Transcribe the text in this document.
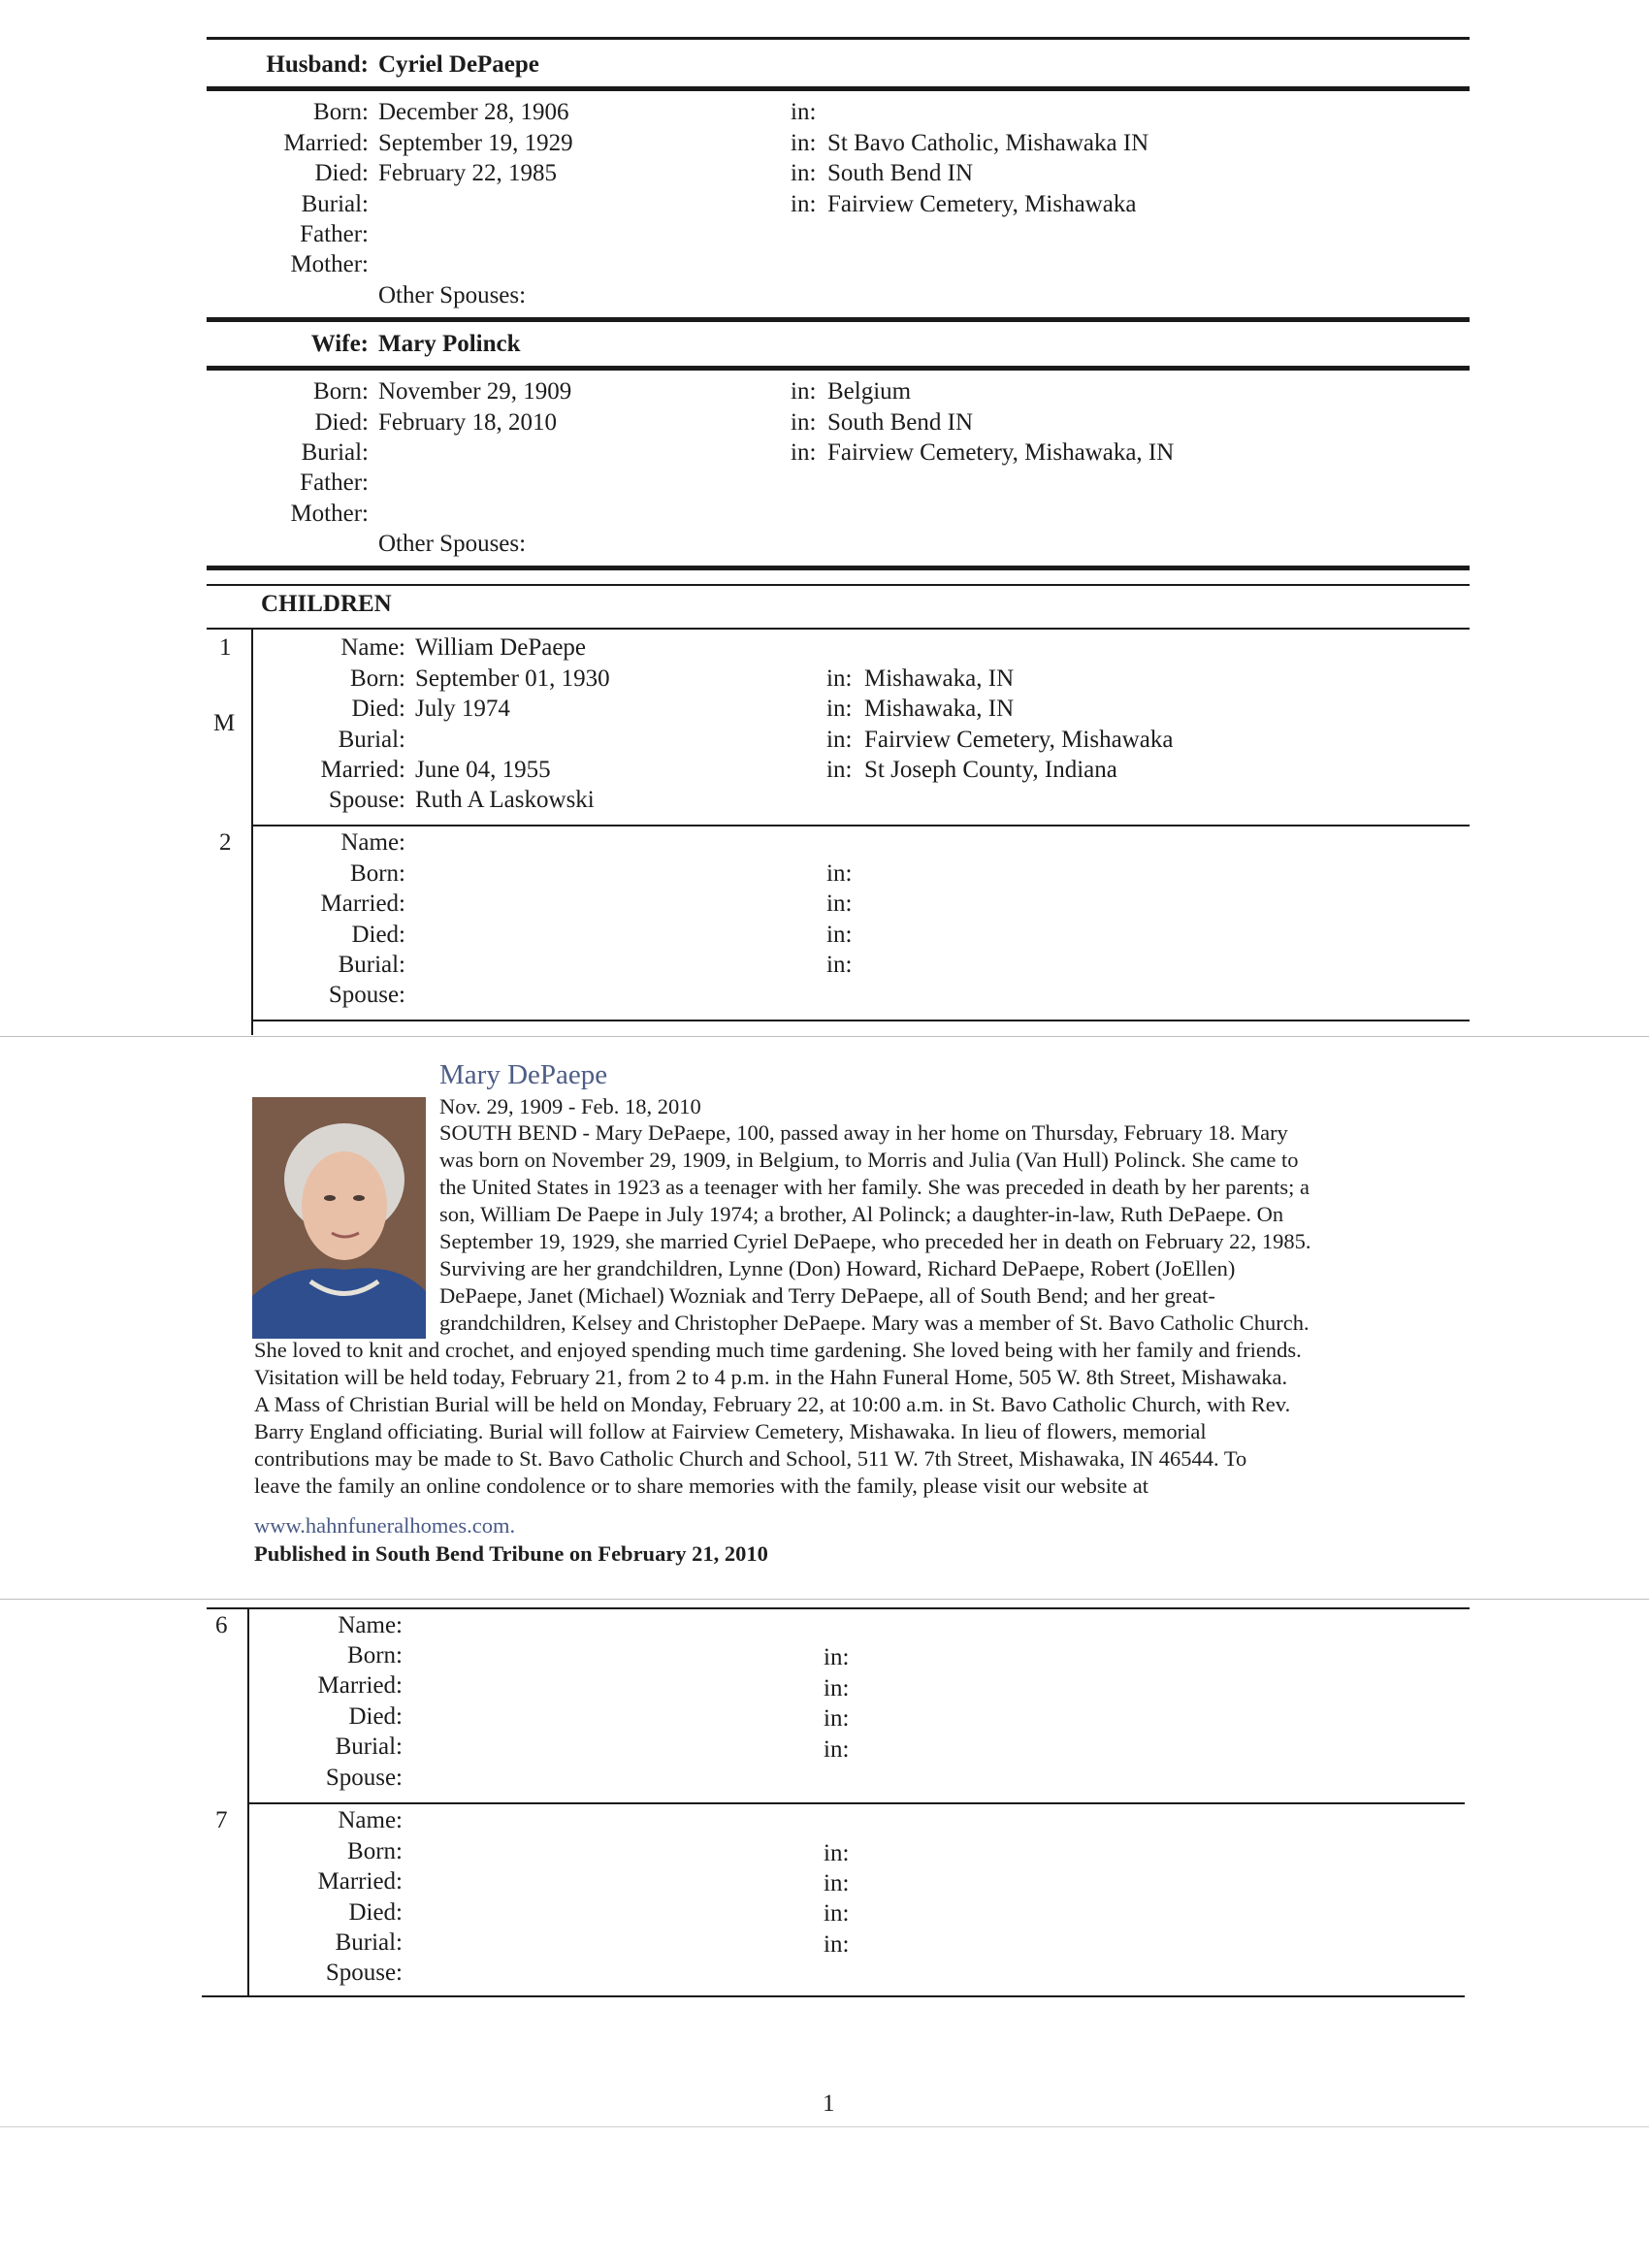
Husband: Cyriel DePaepe
Born: December 28, 1906	in:
Married: September 19, 1929	in: St Bavo Catholic, Mishawaka IN
Died: February 22, 1985	in: South Bend IN
Burial:	in: Fairview Cemetery, Mishawaka
Father:
Mother:
Other Spouses:
Wife: Mary Polinck
Born: November 29, 1909	in: Belgium
Died: February 18, 2010	in: South Bend IN
Burial:	in: Fairview Cemetery, Mishawaka, IN
Father:
Mother:
Other Spouses:
CHILDREN
1
M
Name: William DePaepe
Born: September 01, 1930	in: Mishawaka, IN
Died: July 1974	in: Mishawaka, IN
Burial:	in: Fairview Cemetery, Mishawaka
Married: June 04, 1955	in: St Joseph County, Indiana
Spouse: Ruth A Laskowski
2	Name:
Born:	in:
Married:	in:
Died:	in:
Burial:	in:
Spouse:
Mary DePaepe
Nov. 29, 1909 - Feb. 18, 2010
SOUTH BEND - Mary DePaepe, 100, passed away in her home on Thursday, February 18. Mary
was born on November 29, 1909, in Belgium, to Morris and Julia (Van Hull) Polinck. She came to
the United States in 1923 as a teenager with her family. She was preceded in death by her parents; a
son, William De Paepe in July 1974; a brother, Al Polinck; a daughter-in-law, Ruth DePaepe. On
September 19, 1929, she married Cyriel DePaepe, who preceded her in death on February 22, 1985.
Surviving are her grandchildren, Lynne (Don) Howard, Richard DePaepe, Robert (JoEllen)
DePaepe, Janet (Michael) Wozniak and Terry DePaepe, all of South Bend; and her great-
grandchildren, Kelsey and Christopher DePaepe. Mary was a member of St. Bavo Catholic Church.
She loved to knit and crochet, and enjoyed spending much time gardening. She loved being with her family and friends.
Visitation will be held today, February 21, from 2 to 4 p.m. in the Hahn Funeral Home, 505 W. 8th Street, Mishawaka.
A Mass of Christian Burial will be held on Monday, February 22, at 10:00 a.m. in St. Bavo Catholic Church, with Rev.
Barry England officiating. Burial will follow at Fairview Cemetery, Mishawaka. In lieu of flowers, memorial
contributions may be made to St. Bavo Catholic Church and School, 511 W. 7th Street, Mishawaka, IN 46544. To
leave the family an online condolence or to share memories with the family, please visit our website at
www.hahnfuneralhomes.com.
Published in South Bend Tribune on February 21, 2010
6	Name:
Born:	in:
Married:	in:
Died:	in:
Burial:	in:
Spouse:
7	Name:
Born:	in:
Married:	in:
Died:	in:
Burial:	in:
Spouse:
1
